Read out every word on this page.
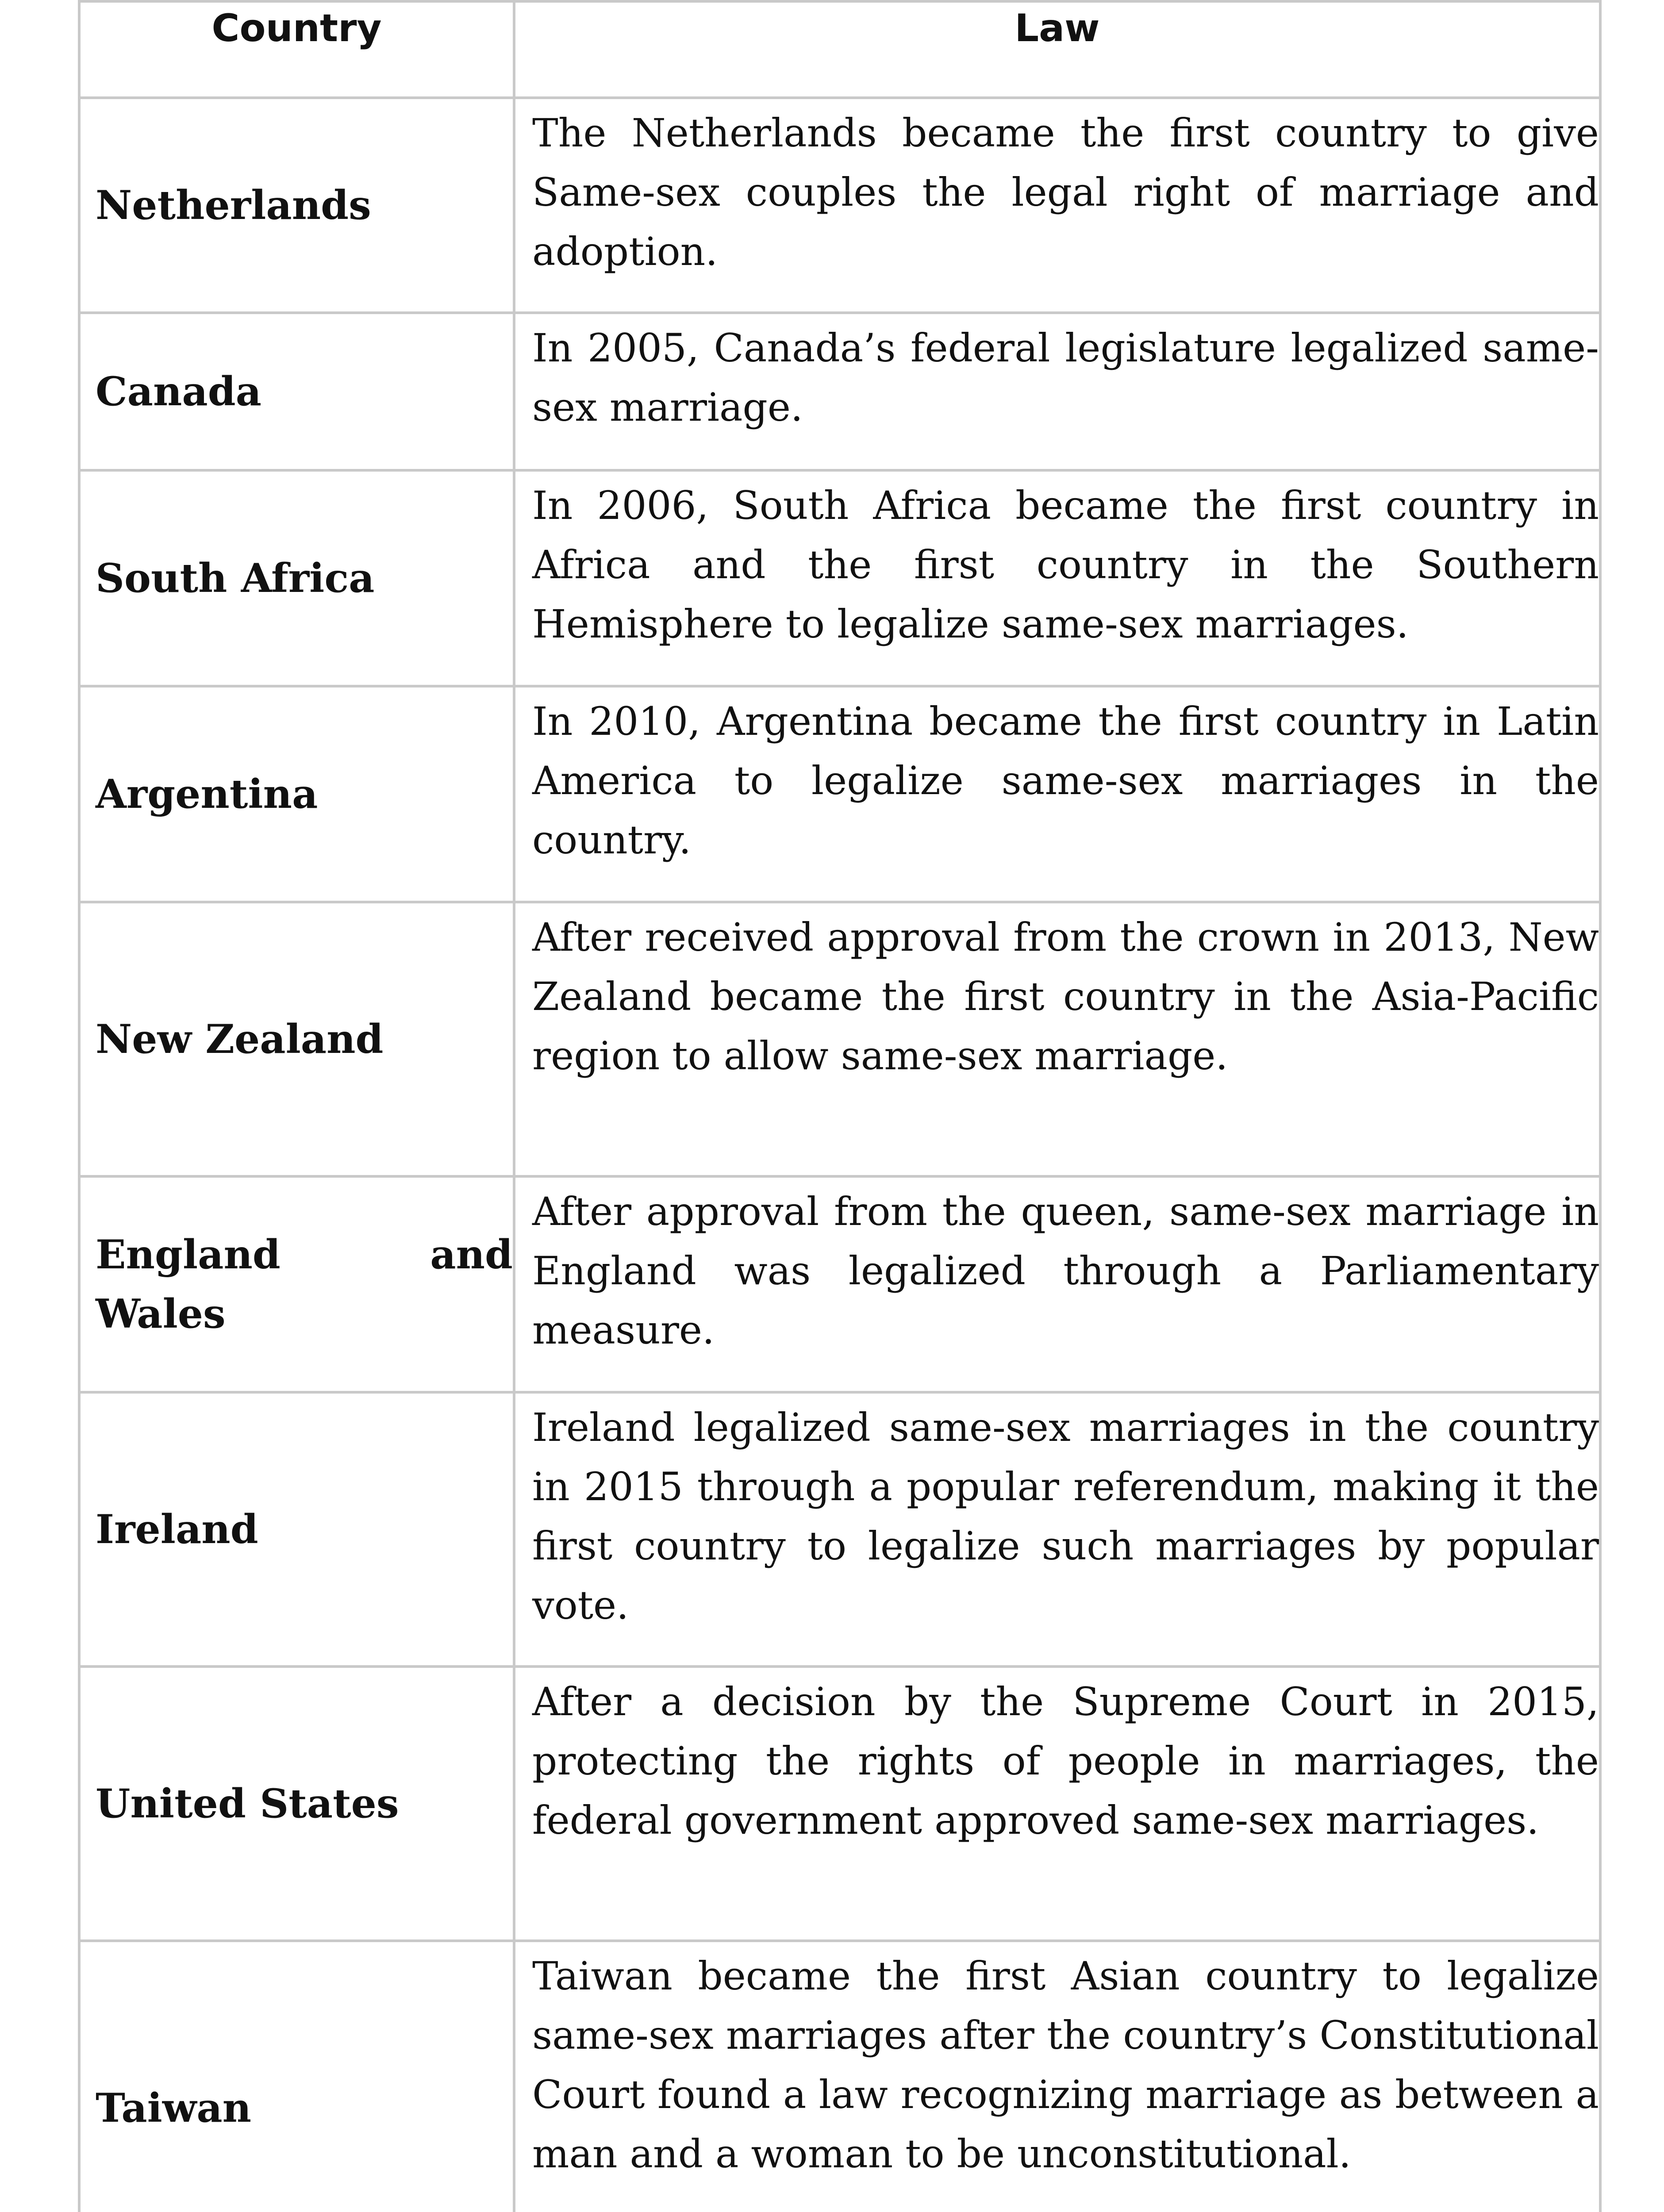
Country	Law
Netherlands	The Netherlands became the first country to give Same-sex couples the legal right of marriage and adoption.
Canada	In 2005, Canada’s federal legislature legalized same-sex marriage.
South Africa	In 2006, South Africa became the first country in Africa and the first country in the Southern Hemisphere to legalize same-sex marriages.
Argentina	In 2010, Argentina became the first country in Latin America to legalize same-sex marriages in the country.
New Zealand	After received approval from the crown in 2013, New Zealand became the first country in the Asia-Pacific region to allow same-sex marriage.
England and Wales	After approval from the queen, same-sex marriage in England was legalized through a Parliamentary measure.
Ireland	Ireland legalized same-sex marriages in the country in 2015 through a popular referendum, making it the first country to legalize such marriages by popular vote.
United States	After a decision by the Supreme Court in 2015, protecting the rights of people in marriages, the federal government approved same-sex marriages.
Taiwan	Taiwan became the first Asian country to legalize same-sex marriages after the country’s Constitutional Court found a law recognizing marriage as between a man and a woman to be unconstitutional.
